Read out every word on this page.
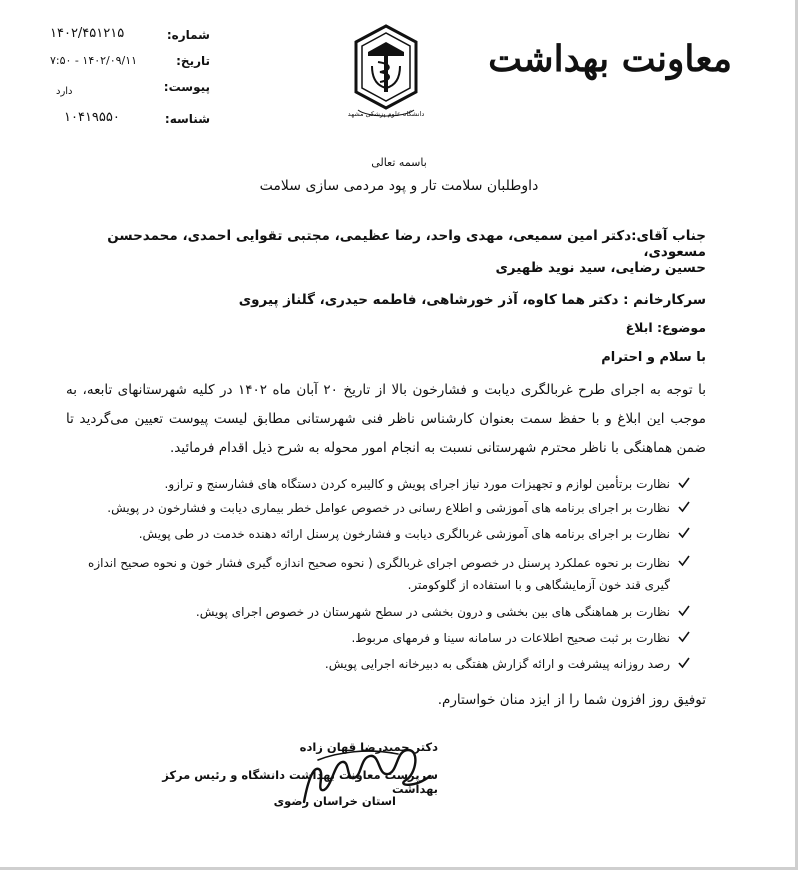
شماره:
۱۴۰۲/۴۵۱۲۱۵
تاریخ:
۱۴۰۲/۰۹/۱۱ - ۷:۵۰
پیوست:
دارد
شناسه:
۱۰۴۱۹۵۵۰	دانشگاه علوم پزشکی مشهد
معاونت بهداشت
باسمه تعالی
داوطلبان سلامت تار و پود مردمی سازی سلامت
جناب آقای:دکتر امین سمیعی، مهدی واحد، رضا عظیمی، مجتبی تقوایی احمدی، محمدحسن مسعودی،
حسین رضایی، سید نوید ظهیری
سرکارخانم : دکتر هما کاوه، آذر خورشاهی، فاطمه حیدری، گلناز پیروی
موضوع: ابلاغ
با سلام و احترام
با توجه به اجرای طرح غربالگری دیابت و فشارخون بالا از تاریخ ۲۰ آبان ماه ۱۴۰۲ در کلیه شهرستانهای تابعه، به موجب این ابلاغ و با حفظ سمت بعنوان کارشناس ناظر فنی شهرستانی مطابق لیست پیوست تعیین می‌گردید تا ضمن هماهنگی با ناظر محترم شهرستانی نسبت به انجام امور محوله به شرح ذیل اقدام فرمائید.
نظارت برتأمین لوازم و تجهیزات مورد نیاز اجرای پویش و کالیبره کردن دستگاه های فشارسنج و ترازو.
نظارت بر اجرای برنامه های آموزشی و اطلاع رسانی در خصوص عوامل خطر بیماری دیابت و فشارخون در پویش.
نظارت بر اجرای برنامه های آموزشی غربالگری دیابت و فشارخون پرسنل ارائه دهنده خدمت در طی پویش.
نظارت بر نحوه عملکرد پرسنل در خصوص اجرای غربالگری ( نحوه صحیح اندازه گیری فشار خون و نحوه صحیح اندازه گیری قند خون آزمایشگاهی و با استفاده از گلوکومتر.
نظارت بر هماهنگی های بین بخشی و درون بخشی در سطح شهرستان در خصوص اجرای پویش.
نظارت بر ثبت صحیح اطلاعات در سامانه سینا و فرمهای مربوط.
رصد روزانه پیشرفت و ارائه گزارش هفتگی به دبیرخانه اجرایی پویش.
توفیق روز افزون شما را از ایزد منان خواستارم.
دکتر حمیدرضا قهان زاده
سرپرست معاونت بهداشت دانشگاه و رئیس مرکز بهداشت
استان خراسان رضوی
